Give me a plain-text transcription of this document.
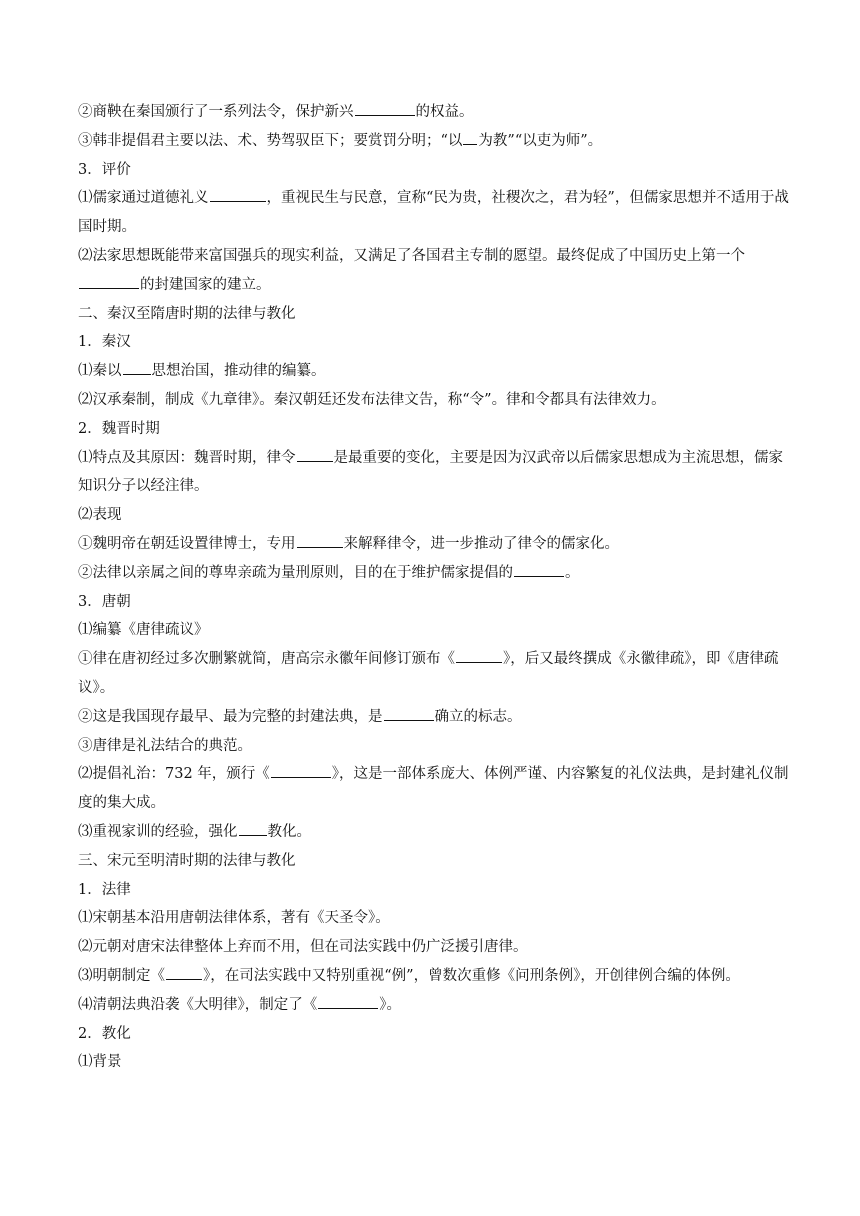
②商鞅在秦国颁行了一系列法令，保护新兴	的权益。
③韩非提倡君主要以法、术、势驾驭臣下；要赏罚分明；“以 为教”“以吏为师”。
3．评价
⑴儒家通过道德礼义	，重视民生与民意，宣称“民为贵，社稷次之，君为轻”，但儒家思想并不适用于战国时期。
⑵法家思想既能带来富国强兵的现实利益，又满足了各国君主专制的愿望。最终促成了中国历史上第一个
的封建国家的建立。
二、秦汉至隋唐时期的法律与教化
1．秦汉
⑴秦以 思想治国，推动律的编纂。
⑵汉承秦制，制成《九章律》。秦汉朝廷还发布法律文告，称“令”。律和令都具有法律效力。
2．魏晋时期
⑴特点及其原因：魏晋时期，律令	是最重要的变化，主要是因为汉武帝以后儒家思想成为主流思想，儒家知识分子以经注律。
⑵表现
①魏明帝在朝廷设置律博士，专用	来解释律令，进一步推动了律令的儒家化。
②法律以亲属之间的尊卑亲疏为量刑原则，目的在于维护儒家提倡的	。
3．唐朝
⑴编纂《唐律疏议》
①律在唐初经过多次删繁就简，唐高宗永徽年间修订颁布《	》，后又最终撰成《永徽律疏》，即《唐律疏议》。
②这是我国现存最早、最为完整的封建法典，是	确立的标志。
③唐律是礼法结合的典范。
⑵提倡礼治：732 年，颁行《	》，这是一部体系庞大、体例严谨、内容繁复的礼仪法典，是封建礼仪制度的集大成。
⑶重视家训的经验，强化 教化。
三、宋元至明清时期的法律与教化
1．法律
⑴宋朝基本沿用唐朝法律体系，著有《天圣令》。
⑵元朝对唐宋法律整体上弃而不用，但在司法实践中仍广泛援引唐律。
⑶明朝制定《	》，在司法实践中又特别重视“例”，曾数次重修《问刑条例》，开创律例合编的体例。
⑷清朝法典沿袭《大明律》，制定了《	》。
2．教化
⑴背景
